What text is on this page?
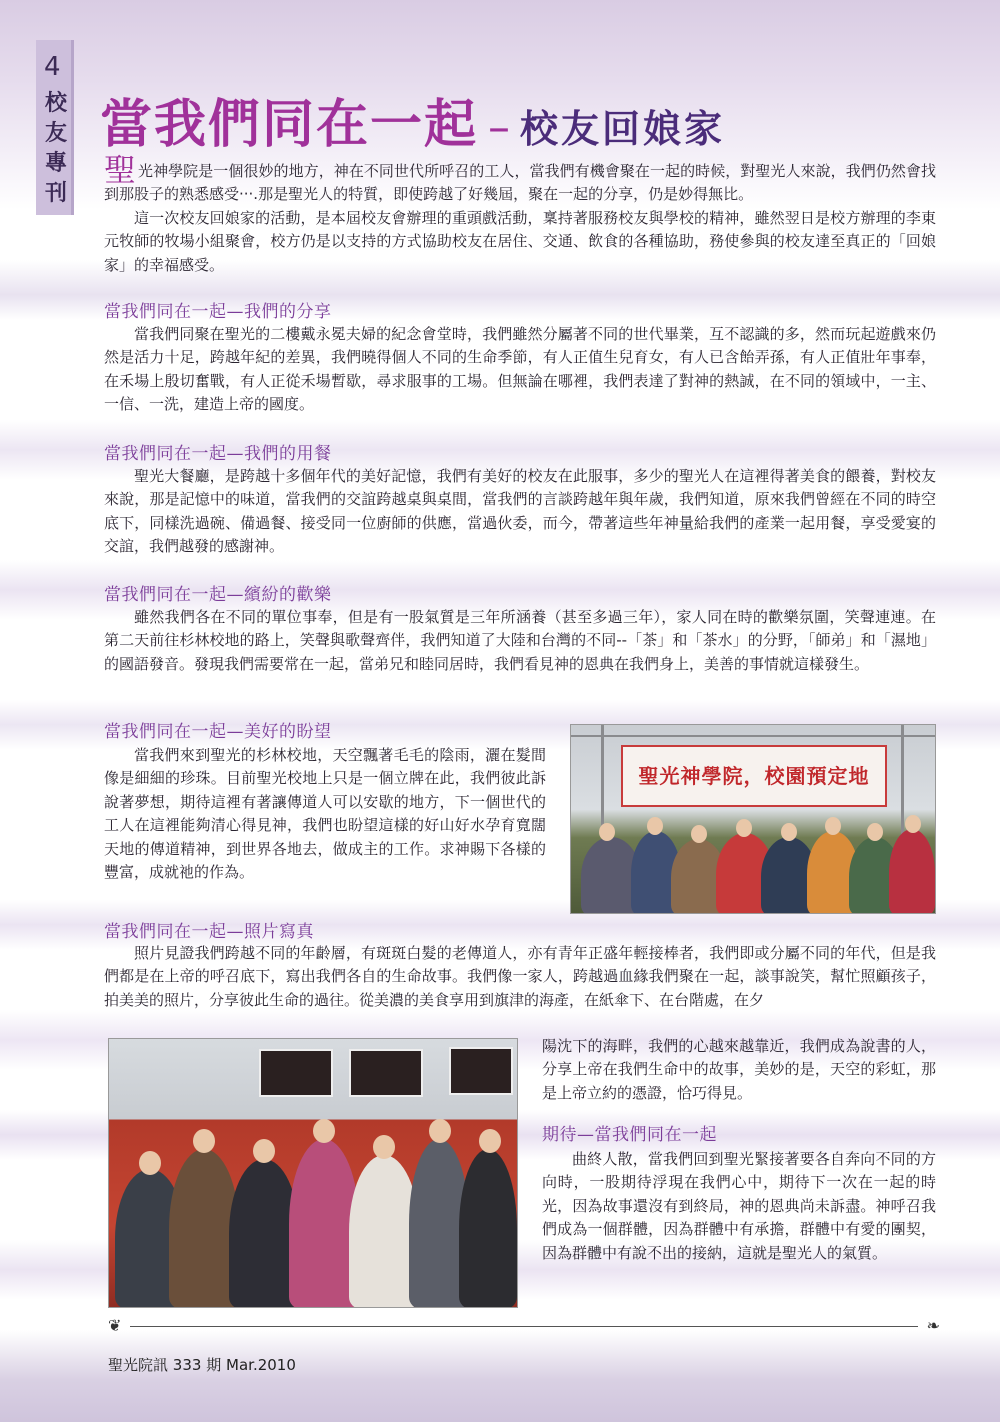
4
校友專刊
當我們同在一起 – 校友回娘家

聖光神學院是一個很妙的地方，神在不同世代所呼召的工人，當我們有機會聚在一起的時候，對聖光人來說，我們仍然會找到那股子的熟悉感受‧‧‧.那是聖光人的特質，即使跨越了好幾屆，聚在一起的分享，仍是妙得無比。

這一次校友回娘家的活動，是本屆校友會辦理的重頭戲活動，稟持著服務校友與學校的精神，雖然翌日是校方辦理的李東元牧師的牧場小組聚會，校方仍是以支持的方式協助校友在居住、交通、飲食的各種協助，務使參與的校友達至真正的「回娘家」的幸福感受。

當我們同在一起—我們的分享

當我們同聚在聖光的二樓戴永冕夫婦的紀念會堂時，我們雖然分屬著不同的世代畢業，互不認識的多，然而玩起遊戲來仍然是活力十足，跨越年紀的差異，我們曉得個人不同的生命季節，有人正值生兒育女，有人已含飴弄孫，有人正值壯年事奉，在禾場上殷切奮戰，有人正從禾場暫歇，尋求服事的工場。但無論在哪裡，我們表達了對神的熱誠，在不同的領域中，一主、一信、一洗，建造上帝的國度。

當我們同在一起—我們的用餐

聖光大餐廳，是跨越十多個年代的美好記憶，我們有美好的校友在此服事，多少的聖光人在這裡得著美食的餵養，對校友來說，那是記憶中的味道，當我們的交誼跨越桌與桌間，當我們的言談跨越年與年歲，我們知道，原來我們曾經在不同的時空底下，同樣洗過碗、備過餐、接受同一位廚師的供應，當過伙委，而今，帶著這些年神量給我們的產業一起用餐，享受愛宴的交誼，我們越發的感謝神。

當我們同在一起—繽紛的歡樂

雖然我們各在不同的單位事奉，但是有一股氣質是三年所涵養（甚至多過三年），家人同在時的歡樂氛圍，笑聲連連。在第二天前往杉林校地的路上，笑聲與歌聲齊伴，我們知道了大陸和台灣的不同--「茶」和「茶水」的分野，「師弟」和「濕地」的國語發音。發現我們需要常在一起，當弟兄和睦同居時，我們看見神的恩典在我們身上，美善的事情就這樣發生。

當我們同在一起—美好的盼望

當我們來到聖光的杉林校地，天空飄著毛毛的陰雨，灑在髮間像是細細的珍珠。目前聖光校地上只是一個立牌在此，我們彼此訴說著夢想，期待這裡有著讓傳道人可以安歇的地方，下一個世代的工人在這裡能夠清心得見神，我們也盼望這樣的好山好水孕育寬闊天地的傳道精神，到世界各地去，做成主的工作。求神賜下各樣的豐富，成就祂的作為。

聖光神學院，校園預定地
當我們同在一起—照片寫真

照片見證我們跨越不同的年齡層，有斑斑白髮的老傳道人，亦有青年正盛年輕接棒者，我們即或分屬不同的年代，但是我們都是在上帝的呼召底下，寫出我們各自的生命故事。我們像一家人，跨越過血緣我們聚在一起，談事說笑，幫忙照顧孩子，拍美美的照片，分享彼此生命的過往。從美濃的美食享用到旗津的海產，在紙傘下、在台階處，在夕

陽沈下的海畔，我們的心越來越靠近，我們成為說書的人，分享上帝在我們生命中的故事，美妙的是，天空的彩虹，那是上帝立約的憑證，恰巧得見。

期待—當我們同在一起

曲終人散，當我們回到聖光緊接著要各自奔向不同的方向時，一股期待浮現在我們心中，期待下一次在一起的時光，因為故事還沒有到終局，神的恩典尚未訴盡。神呼召我們成為一個群體，因為群體中有承擔，群體中有愛的團契，因為群體中有說不出的接納，這就是聖光人的氣質。

❦	❧
聖光院訊 333 期 Mar.2010
